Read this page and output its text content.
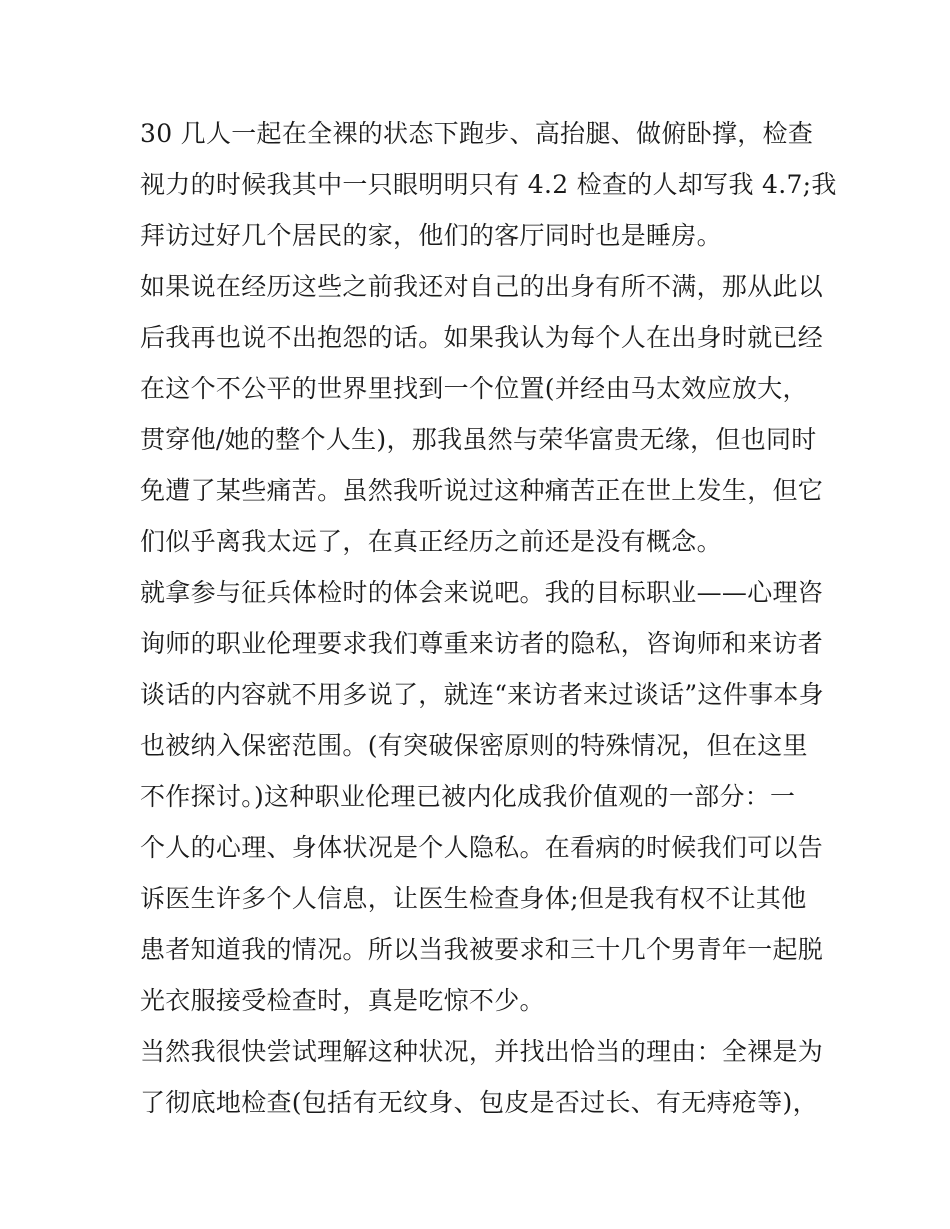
30 几人一起在全裸的状态下跑步、高抬腿、做俯卧撑，检查
视力的时候我其中一只眼明明只有 4.2 检查的人却写我 4.7;我
拜访过好几个居民的家，他们的客厅同时也是睡房。
如果说在经历这些之前我还对自己的出身有所不满，那从此以
后我再也说不出抱怨的话。如果我认为每个人在出身时就已经
在这个不公平的世界里找到一个位置(并经由马太效应放大，
贯穿他/她的整个人生)，那我虽然与荣华富贵无缘，但也同时
免遭了某些痛苦。虽然我听说过这种痛苦正在世上发生，但它
们似乎离我太远了，在真正经历之前还是没有概念。
就拿参与征兵体检时的体会来说吧。我的目标职业——心理咨
询师的职业伦理要求我们尊重来访者的隐私，咨询师和来访者
谈话的内容就不用多说了，就连“来访者来过谈话”这件事本身
也被纳入保密范围。(有突破保密原则的特殊情况，但在这里
不作探讨。)这种职业伦理已被内化成我价值观的一部分：一
个人的心理、身体状况是个人隐私。在看病的时候我们可以告
诉医生许多个人信息，让医生检查身体;但是我有权不让其他
患者知道我的情况。所以当我被要求和三十几个男青年一起脱
光衣服接受检查时，真是吃惊不少。
当然我很快尝试理解这种状况，并找出恰当的理由：全裸是为
了彻底地检查(包括有无纹身、包皮是否过长、有无痔疮等)，
